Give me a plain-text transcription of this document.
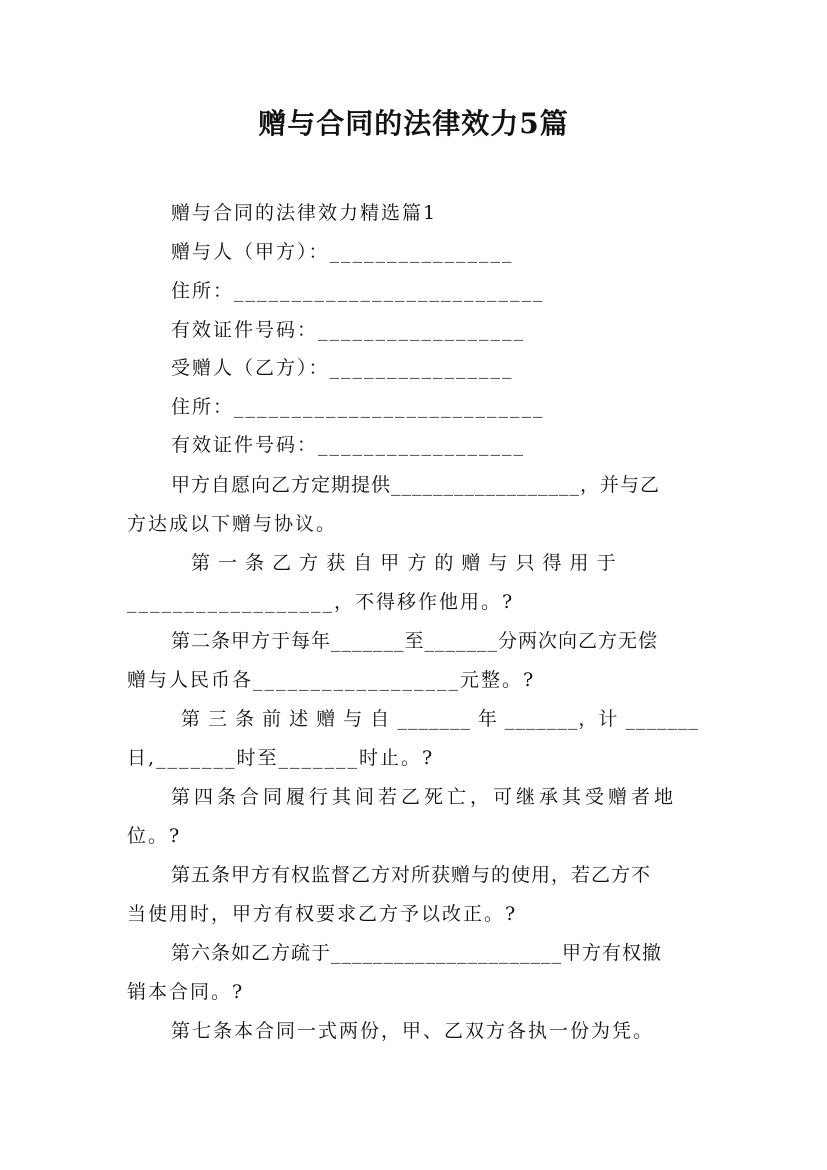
赠与合同的法律效力5篇
赠与合同的法律效力精选篇1
赠与人（甲方）：________________
住所：___________________________
有效证件号码：__________________
受赠人（乙方）：________________
住所：___________________________
有效证件号码：__________________
甲方自愿向乙方定期提供__________________，并与乙
方达成以下赠与协议。
第 一 条 乙 方 获 自 甲 方 的 赠 与 只 得 用 于
__________________，不得移作他用。?
第二条甲方于每年_______至_______分两次向乙方无偿
赠与人民币各__________________元整。?
第 三 条 前 述 赠 与 自 _______ 年 _______，计 _______
日,_______时至_______时止。?
第四条合同履行其间若乙死亡，可继承其受赠者地
位。?
第五条甲方有权监督乙方对所获赠与的使用，若乙方不
当使用时，甲方有权要求乙方予以改正。?
第六条如乙方疏于______________________甲方有权撤
销本合同。?
第七条本合同一式两份，甲、乙双方各执一份为凭。
